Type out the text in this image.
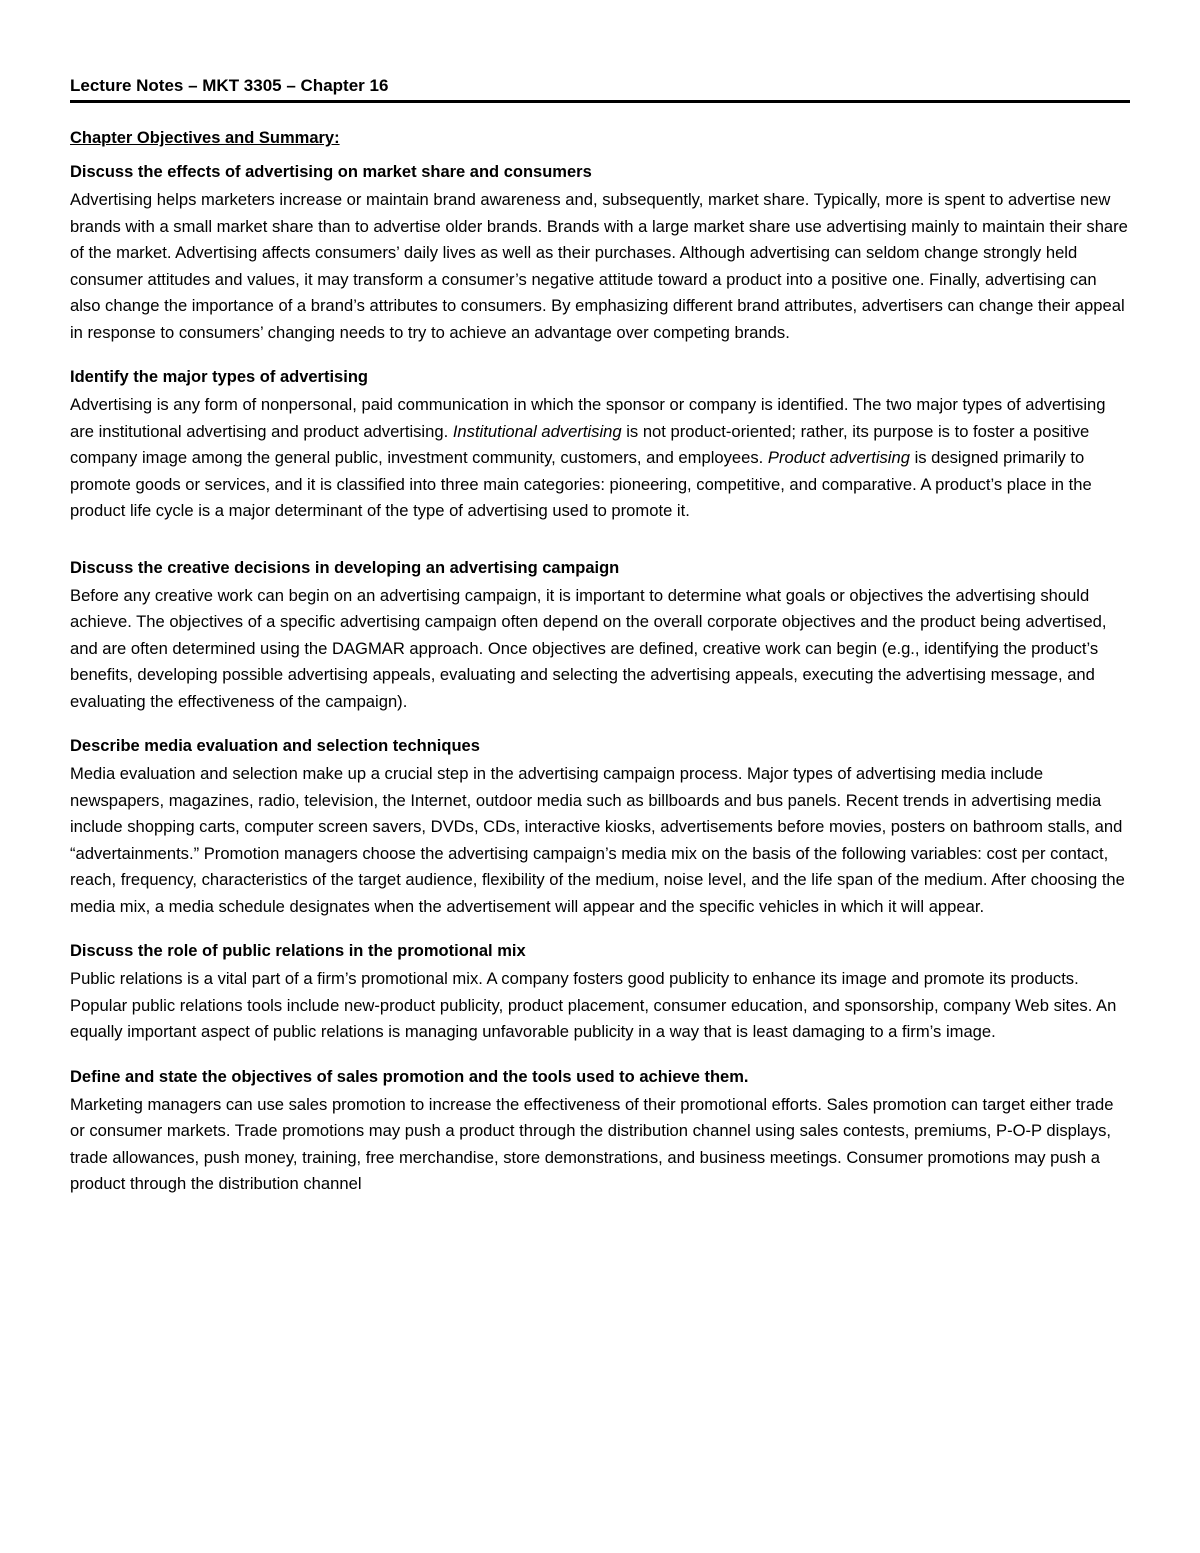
Lecture Notes – MKT 3305 – Chapter 16
Chapter Objectives and Summary:
Discuss the effects of advertising on market share and consumers

Advertising helps marketers increase or maintain brand awareness and, subsequently, market share. Typically, more is spent to advertise new brands with a small market share than to advertise older brands. Brands with a large market share use advertising mainly to maintain their share of the market. Advertising affects consumers’ daily lives as well as their purchases. Although advertising can seldom change strongly held consumer attitudes and values, it may transform a consumer’s negative attitude toward a product into a positive one. Finally, advertising can also change the importance of a brand’s attributes to consumers. By emphasizing different brand attributes, advertisers can change their appeal in response to consumers’ changing needs to try to achieve an advantage over competing brands.

Identify the major types of advertising

Advertising is any form of nonpersonal, paid communication in which the sponsor or company is identified. The two major types of advertising are institutional advertising and product advertising. Institutional advertising is not product-oriented; rather, its purpose is to foster a positive company image among the general public, investment community, customers, and employees. Product advertising is designed primarily to promote goods or services, and it is classified into three main categories: pioneering, competitive, and comparative. A product’s place in the product life cycle is a major determinant of the type of advertising used to promote it.

Discuss the creative decisions in developing an advertising campaign

Before any creative work can begin on an advertising campaign, it is important to determine what goals or objectives the advertising should achieve. The objectives of a specific advertising campaign often depend on the overall corporate objectives and the product being advertised, and are often determined using the DAGMAR approach. Once objectives are defined, creative work can begin (e.g., identifying the product’s benefits, developing possible advertising appeals, evaluating and selecting the advertising appeals, executing the advertising message, and evaluating the effectiveness of the campaign).

Describe media evaluation and selection techniques

Media evaluation and selection make up a crucial step in the advertising campaign process. Major types of advertising media include newspapers, magazines, radio, television, the Internet, outdoor media such as billboards and bus panels. Recent trends in advertising media include shopping carts, computer screen savers, DVDs, CDs, interactive kiosks, advertisements before movies, posters on bathroom stalls, and “advertainments.” Promotion managers choose the advertising campaign’s media mix on the basis of the following variables: cost per contact, reach, frequency, characteristics of the target audience, flexibility of the medium, noise level, and the life span of the medium. After choosing the media mix, a media schedule designates when the advertisement will appear and the specific vehicles in which it will appear.

Discuss the role of public relations in the promotional mix

Public relations is a vital part of a firm’s promotional mix. A company fosters good publicity to enhance its image and promote its products. Popular public relations tools include new-product publicity, product placement, consumer education, and sponsorship, company Web sites. An equally important aspect of public relations is managing unfavorable publicity in a way that is least damaging to a firm’s image.

Define and state the objectives of sales promotion and the tools used to achieve them.

Marketing managers can use sales promotion to increase the effectiveness of their promotional efforts. Sales promotion can target either trade or consumer markets. Trade promotions may push a product through the distribution channel using sales contests, premiums, P-O-P displays, trade allowances, push money, training, free merchandise, store demonstrations, and business meetings. Consumer promotions may push a product through the distribution channel
